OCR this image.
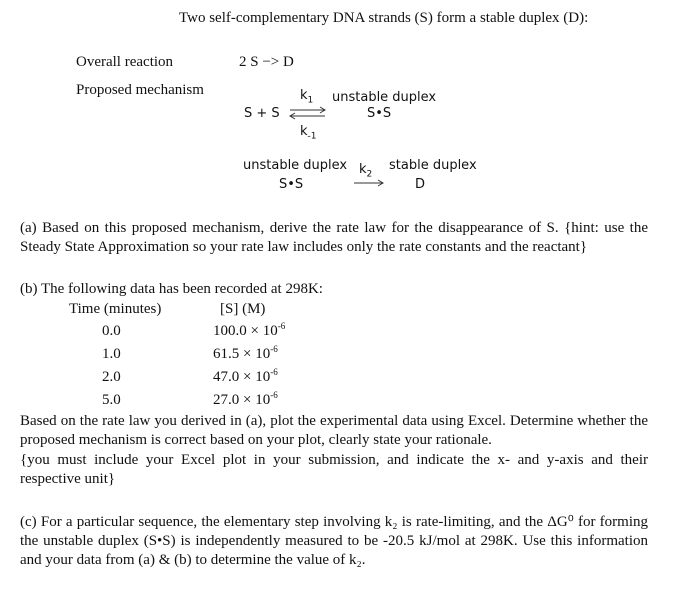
Two self-complementary DNA strands (S) form a stable duplex (D):
Overall reaction	2 S −> D
Proposed mechanism	$k_1$ unstable duplex
S + S ⇌	S•S
$k_{-1}$
unstable duplex $k_2$
stable duplex
S•S	D
(a) Based on this proposed mechanism, derive the rate law for the disappearance of S. {hint: use the Steady State Approximation so your rate law includes only the rate constants and the reactant}
(b) The following data has been recorded at 298K:
Time (minutes)	[S] (M)
0.0	$100.0 \times 10^{-6}$
1.0	$61.5 \times 10^{-6}$
2.0	$47.0 \times 10^{-6}$
5.0	$27.0 \times 10^{-6}$
Based on the rate law you derived in (a), plot the experimental data using Excel. Determine whether the proposed mechanism is correct based on your plot, clearly state your rationale.
{you must include your Excel plot in your submission, and indicate the x- and y-axis and their respective unit}
(c) For a particular sequence, the elementary step involving k₂ is rate-limiting, and the ΔG⁰ for forming the unstable duplex (S•S) is independently measured to be -20.5 kJ/mol at 298K. Use this information and your data from (a) & (b) to determine the value of k₂.
